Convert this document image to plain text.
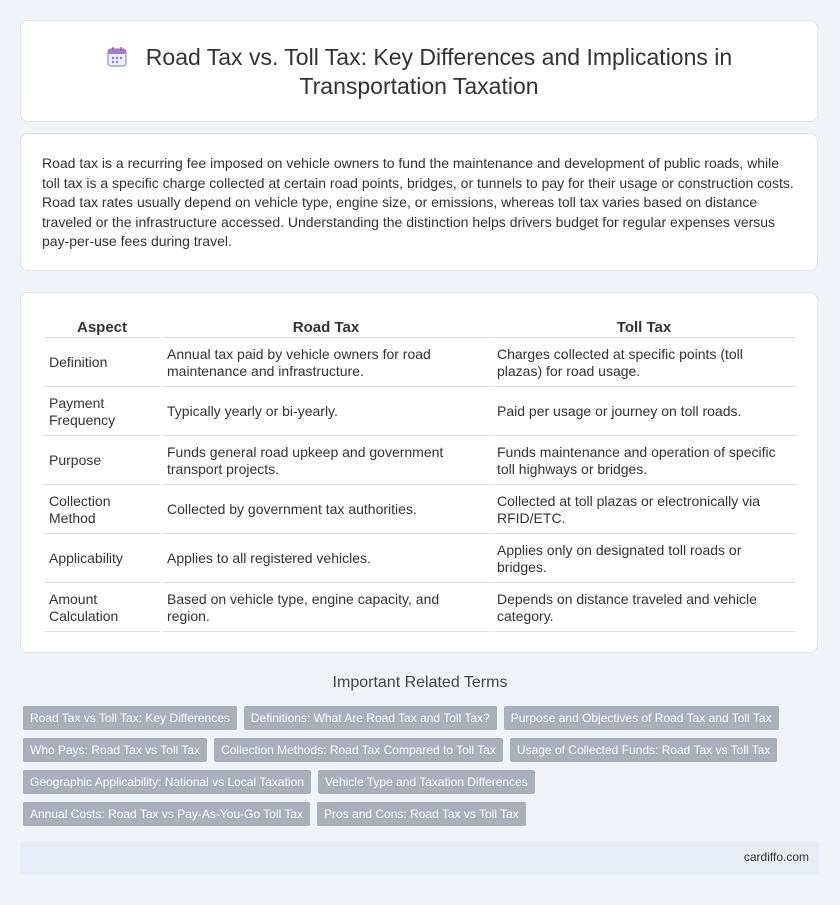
Road Tax vs. Toll Tax: Key Differences and Implications in Transportation Taxation

Road tax is a recurring fee imposed on vehicle owners to fund the maintenance and development of public roads, while toll tax is a specific charge collected at certain road points, bridges, or tunnels to pay for their usage or construction costs. Road tax rates usually depend on vehicle type, engine size, or emissions, whereas toll tax varies based on distance traveled or the infrastructure accessed. Understanding the distinction helps drivers budget for regular expenses versus pay-per-use fees during travel.

Aspect	Road Tax	Toll Tax
Definition	Annual tax paid by vehicle owners for road maintenance and infrastructure.	Charges collected at specific points (toll plazas) for road usage.
Payment Frequency	Typically yearly or bi-yearly.	Paid per usage or journey on toll roads.
Purpose	Funds general road upkeep and government transport projects.	Funds maintenance and operation of specific toll highways or bridges.
Collection Method	Collected by government tax authorities.	Collected at toll plazas or electronically via RFID/ETC.
Applicability	Applies to all registered vehicles.	Applies only on designated toll roads or bridges.
Amount Calculation	Based on vehicle type, engine capacity, and region.	Depends on distance traveled and vehicle category.
Important Related Terms
Road Tax vs Toll Tax: Key Differences	Definitions: What Are Road Tax and Toll Tax?	Purpose and Objectives of Road Tax and Toll Tax
Who Pays: Road Tax vs Toll Tax	Collection Methods: Road Tax Compared to Toll Tax	Usage of Collected Funds: Road Tax vs Toll Tax
Geographic Applicability: National vs Local Taxation	Vehicle Type and Taxation Differences
Annual Costs: Road Tax vs Pay-As-You-Go Toll Tax	Pros and Cons: Road Tax vs Toll Tax
cardiffo.com
